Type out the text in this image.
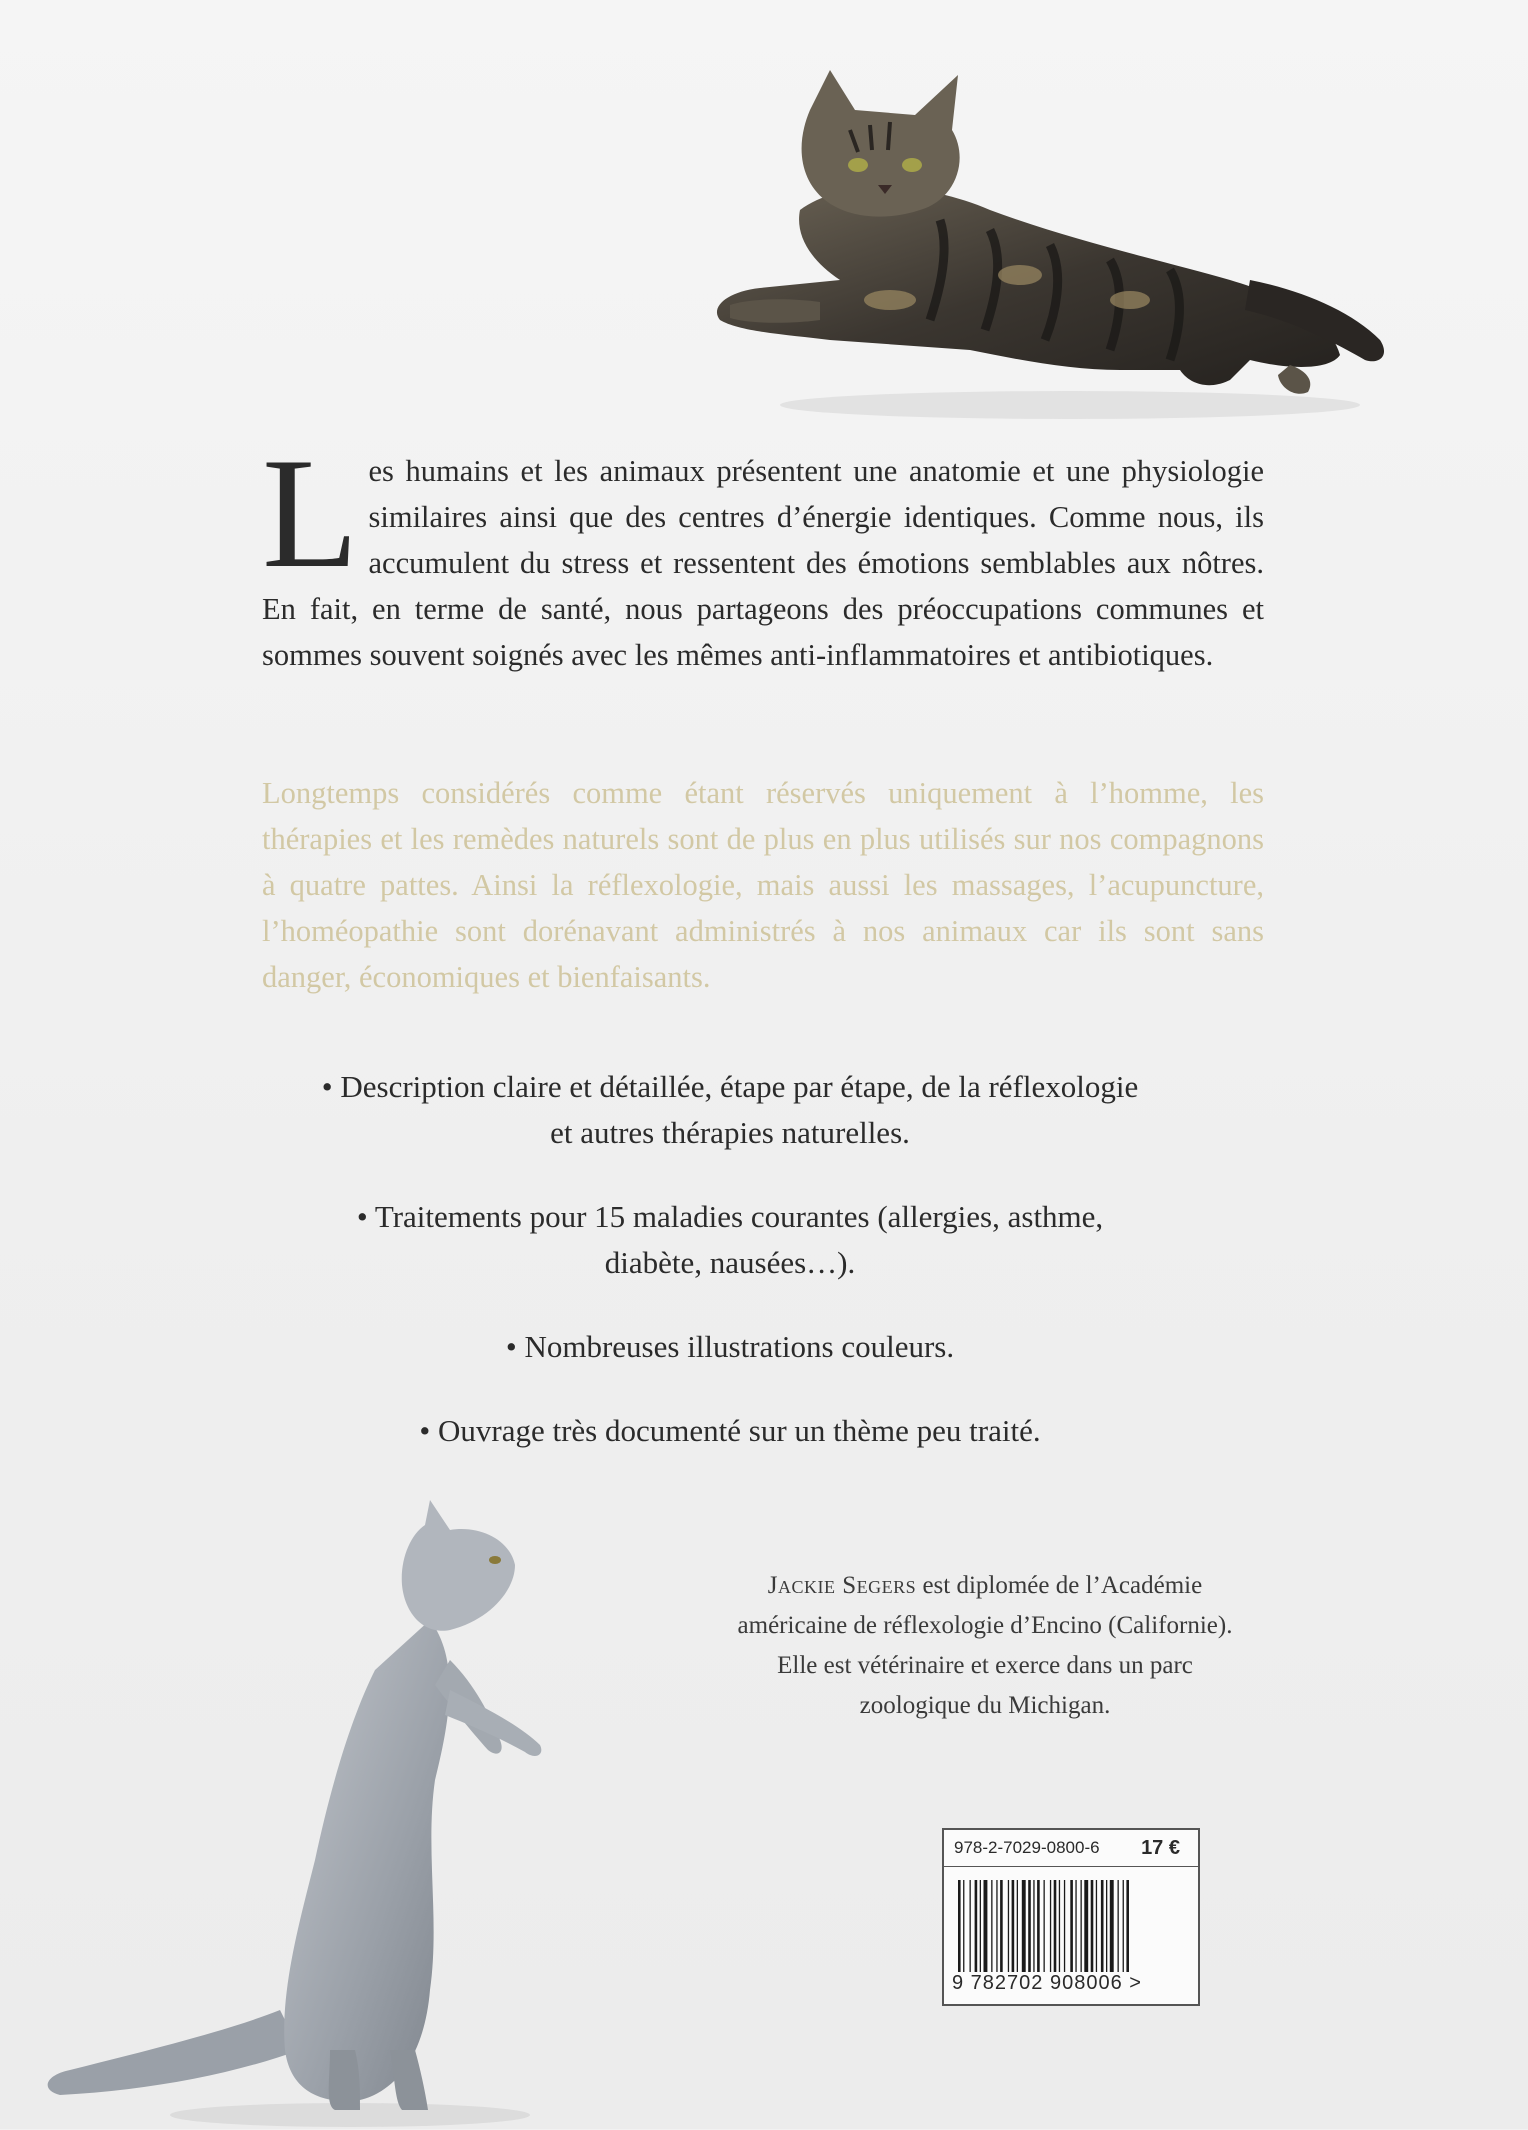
L es humains et les animaux présentent une anatomie et une physiologie similaires ainsi que des centres d’énergie identiques. Comme nous, ils accumulent du stress et ressentent des émotions semblables aux nôtres. En fait, en terme de santé, nous partageons des préoccupations communes et sommes souvent soignés avec les mêmes anti-inflammatoires et antibiotiques.
Longtemps considérés comme étant réservés uniquement à l’homme, les thérapies et les remèdes naturels sont de plus en plus utilisés sur nos compagnons à quatre pattes. Ainsi la réflexologie, mais aussi les massages, l’acupuncture, l’homéopathie sont dorénavant administrés à nos animaux car ils sont sans danger, économiques et bienfaisants.
• Description claire et détaillée, étape par étape, de la réflexologie
et autres thérapies naturelles.
• Traitements pour 15 maladies courantes (allergies, asthme,
diabète, nausées…).
• Nombreuses illustrations couleurs.
• Ouvrage très documenté sur un thème peu traité.
Jackie Segers est diplomée de l’Académie
américaine de réflexologie d’Encino (Californie).
Elle est vétérinaire et exerce dans un parc
zoologique du Michigan.
978-2-7029-0800-6 17 €
9 782702 908006 >
